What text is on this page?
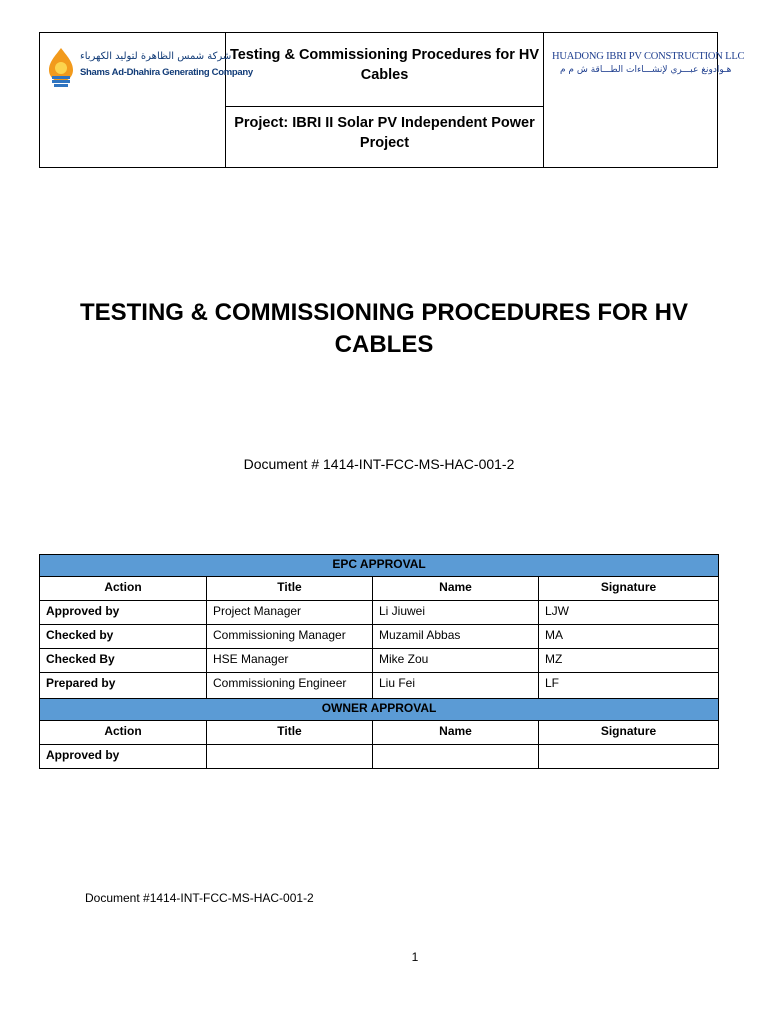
شركة شمس الظاهرة لتوليد الكهرباء
Shams Ad-Dhahira Generating Company
Testing & Commissioning Procedures for HV Cables
Project: IBRI II Solar PV Independent Power Project
HUADONG IBRI PV CONSTRUCTION LLC
هـوادونغ عبـــري لإنشـــاءات الطـــاقة ش م م
TESTING & COMMISSIONING PROCEDURES FOR HV CABLES
Document # 1414-INT-FCC-MS-HAC-001-2
EPC APPROVAL			
Action	Title	Name	Signature
Approved by	Project Manager	Li Jiuwei	LJW
Checked by	Commissioning Manager	Muzamil Abbas	MA
Checked By	HSE Manager	Mike Zou	MZ
Prepared by	Commissioning Engineer	Liu Fei	LF
OWNER APPROVAL			
Action	Title	Name	Signature
Approved by			
Document #1414-INT-FCC-MS-HAC-001-2
1
